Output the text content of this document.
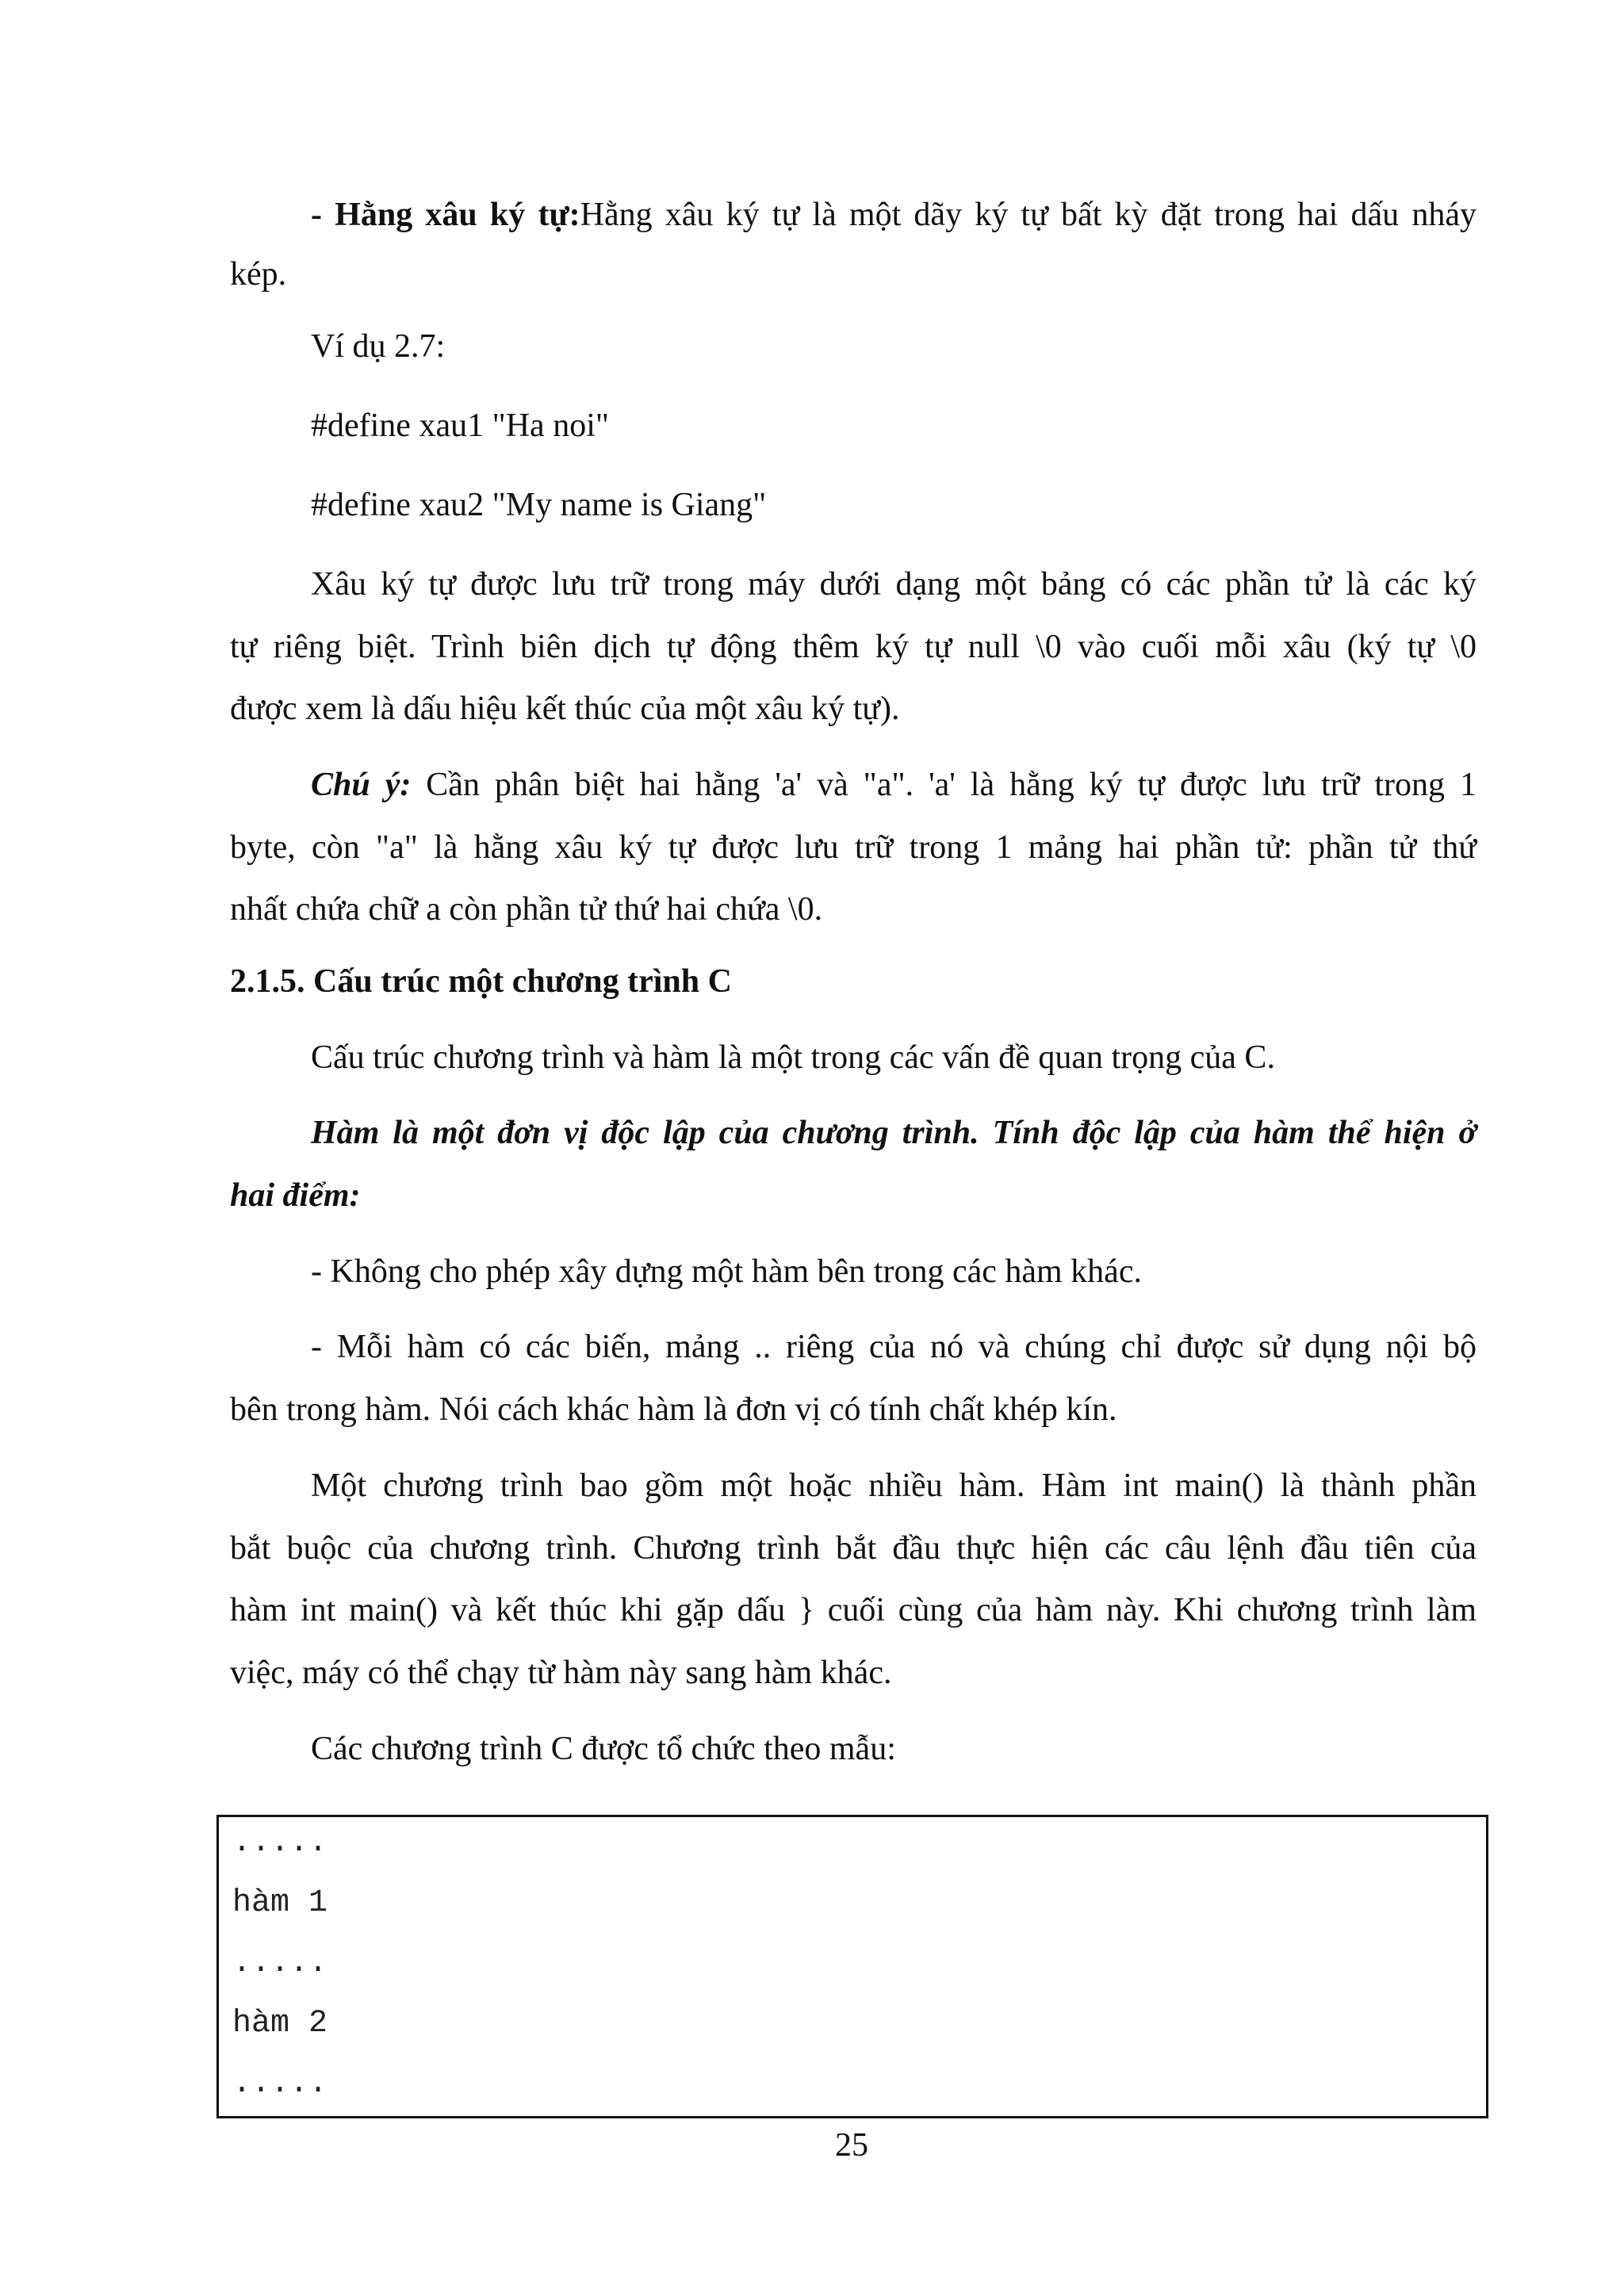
- Hằng xâu ký tự:Hằng xâu ký tự là một dãy ký tự bất kỳ đặt trong hai dấu nháy
kép.
Ví dụ 2.7:
#define xau1 "Ha noi"
#define xau2 "My name is Giang"
Xâu ký tự được lưu trữ trong máy dưới dạng một bảng có các phần tử là các ký
tự riêng biệt. Trình biên dịch tự động thêm ký tự null \0 vào cuối mỗi xâu (ký tự \0
được xem là dấu hiệu kết thúc của một xâu ký tự).
Chú ý: Cần phân biệt hai hằng 'a' và "a". 'a' là hằng ký tự được lưu trữ trong 1
byte, còn "a" là hằng xâu ký tự được lưu trữ trong 1 mảng hai phần tử: phần tử thứ
nhất chứa chữ a còn phần tử thứ hai chứa \0.
2.1.5. Cấu trúc một chương trình C
Cấu trúc chương trình và hàm là một trong các vấn đề quan trọng của C.
Hàm là một đơn vị độc lập của chương trình. Tính độc lập của hàm thể hiện ở
hai điểm:
- Không cho phép xây dựng một hàm bên trong các hàm khác.
- Mỗi hàm có các biến, mảng .. riêng của nó và chúng chỉ được sử dụng nội bộ
bên trong hàm. Nói cách khác hàm là đơn vị có tính chất khép kín.
Một chương trình bao gồm một hoặc nhiều hàm. Hàm int main() là thành phần
bắt buộc của chương trình. Chương trình bắt đầu thực hiện các câu lệnh đầu tiên của
hàm int main() và kết thúc khi gặp dấu } cuối cùng của hàm này. Khi chương trình làm
việc, máy có thể chạy từ hàm này sang hàm khác.
Các chương trình C được tổ chức theo mẫu:
.....
hàm 1
.....
hàm 2
.....
25
